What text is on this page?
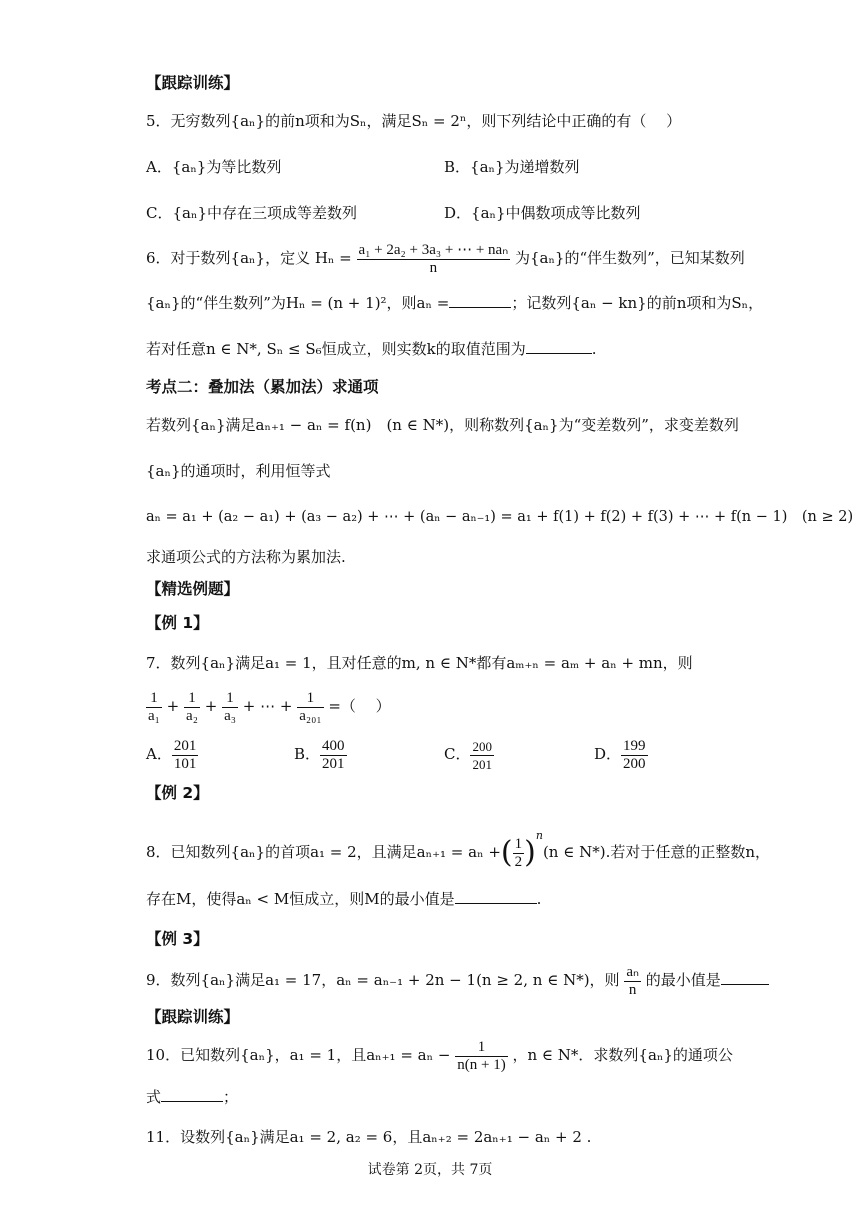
【跟踪训练】
5．无穷数列{aₙ}的前n项和为Sₙ，满足Sₙ = 2ⁿ，则下列结论中正确的有（　 ）
A．{aₙ}为等比数列	B．{aₙ}为递增数列
C．{aₙ}中存在三项成等差数列	D．{aₙ}中偶数项成等比数列
6．对于数列{aₙ}，定义 $H_n = \frac{\text{a₁ + 2a₂ + 3a₃ + ⋯ + naₙ}}{n}$ 为{aₙ}的“伴生数列”，已知某数列
{aₙ}的“伴生数列”为Hₙ = (n + 1)²，则aₙ =	；记数列{aₙ − kn}的前n项和为Sₙ，
若对任意n ∈ N*, Sₙ ≤ S₆恒成立，则实数k的取值范围为	.
考点二：叠加法（累加法）求通项
若数列{aₙ}满足aₙ₊₁ − aₙ = f(n)　(n ∈ N*)，则称数列{aₙ}为“变差数列”，求变差数列
{aₙ}的通项时，利用恒等式
aₙ = a₁ + (a₂ − a₁) + (a₃ − a₂) + ⋯ + (aₙ − aₙ₋₁) = a₁ + f(1) + f(2) + f(3) + ⋯ + f(n − 1)　(n ≥ 2)
求通项公式的方法称为累加法.
【精选例题】
【例 1】
7．数列{aₙ}满足a₁ = 1，且对任意的m, n ∈ N*都有aₘ₊ₙ = aₘ + aₙ + mn，则
$\frac{1}{\text{a₁}} + \frac{1}{\text{a₂}} + \frac{1}{\text{a₃}}$ + ⋯ + $\frac{1}{\text{a₂₀₁}}$ =（　 ）
A． $\frac{201}{101}$	B． $\frac{400}{201}$	C． $\frac{200}{201}$	D． $\frac{199}{200}$
【例 2】
8．已知数列{aₙ}的首项a₁ = 2，且满足aₙ₊₁ = aₙ +( $\frac{1}{2} )^n(n$ ∈ N*).若对于任意的正整数n，
存在M，使得aₙ < M恒成立，则M的最小值是	.
【例 3】
9．数列{aₙ}满足a₁ = 17，aₙ = aₙ₋₁ + 2n − 1(n ≥ 2, n ∈ N*)，则 $\frac{\text{aₙ}}{n}$ 的最小值是
【跟踪训练】
10．已知数列{aₙ}，a₁ = 1，且$a_{n+1} = a_n - \frac{1}{n(n + 1)}$ ，n ∈ N*．求数列{aₙ}的通项公
式	；
11．设数列{aₙ}满足a₁ = 2, a₂ = 6，且aₙ₊₂ = 2aₙ₊₁ − aₙ + 2 .
试卷第 2页，共 7页
